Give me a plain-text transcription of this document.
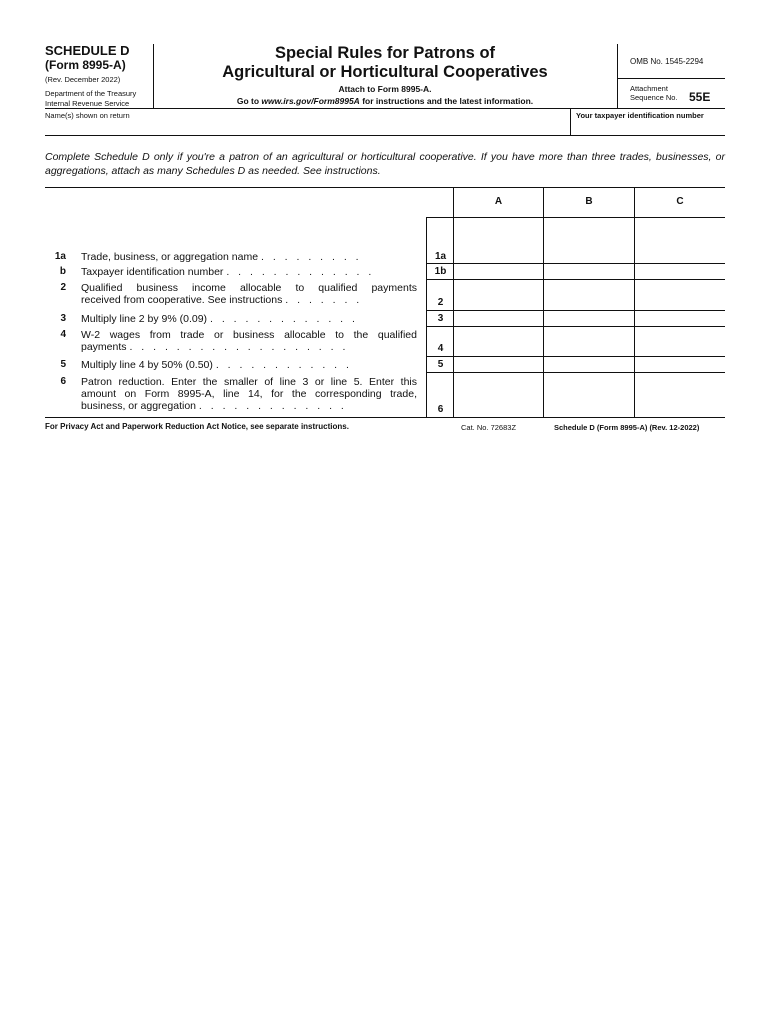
SCHEDULE D
(Form 8995-A)
(Rev. December 2022)
Department of the Treasury
Internal Revenue Service
Special Rules for Patrons of
Agricultural or Horticultural Cooperatives
Attach to Form 8995-A.
Go to www.irs.gov/Form8995A for instructions and the latest information.
OMB No. 1545-2294
Attachment
Sequence No. 55E
Name(s) shown on return	Your taxpayer identification number
Complete Schedule D only if you're a patron of an agricultural or horticultural cooperative. If you have more than three trades, businesses, or aggregations, attach as many Schedules D as needed. See instructions.
A	B	C
1a Trade, business, or aggregation name . . . . . . . . .	1a
b Taxpayer identification number . . . . . . . . . . . . .	1b
2 Qualified business income allocable to qualified payments
received from cooperative. See instructions . . . . . . .	2
3 Multiply line 2 by 9% (0.09) . . . . . . . . . . . . .	3
4 W-2 wages from trade or business allocable to the qualified
payments . . . . . . . . . . . . . . . . . . .	4
5 Multiply line 4 by 50% (0.50) . . . . . . . . . . . .	5
6 Patron reduction. Enter the smaller of line 3 or line 5. Enter this
amount on Form 8995-A, line 14, for the corresponding trade,
business, or aggregation . . . . . . . . . . . . .	6
For Privacy Act and Paperwork Reduction Act Notice, see separate instructions.	Cat. No. 72683Z	Schedule D (Form 8995-A) (Rev. 12-2022)
